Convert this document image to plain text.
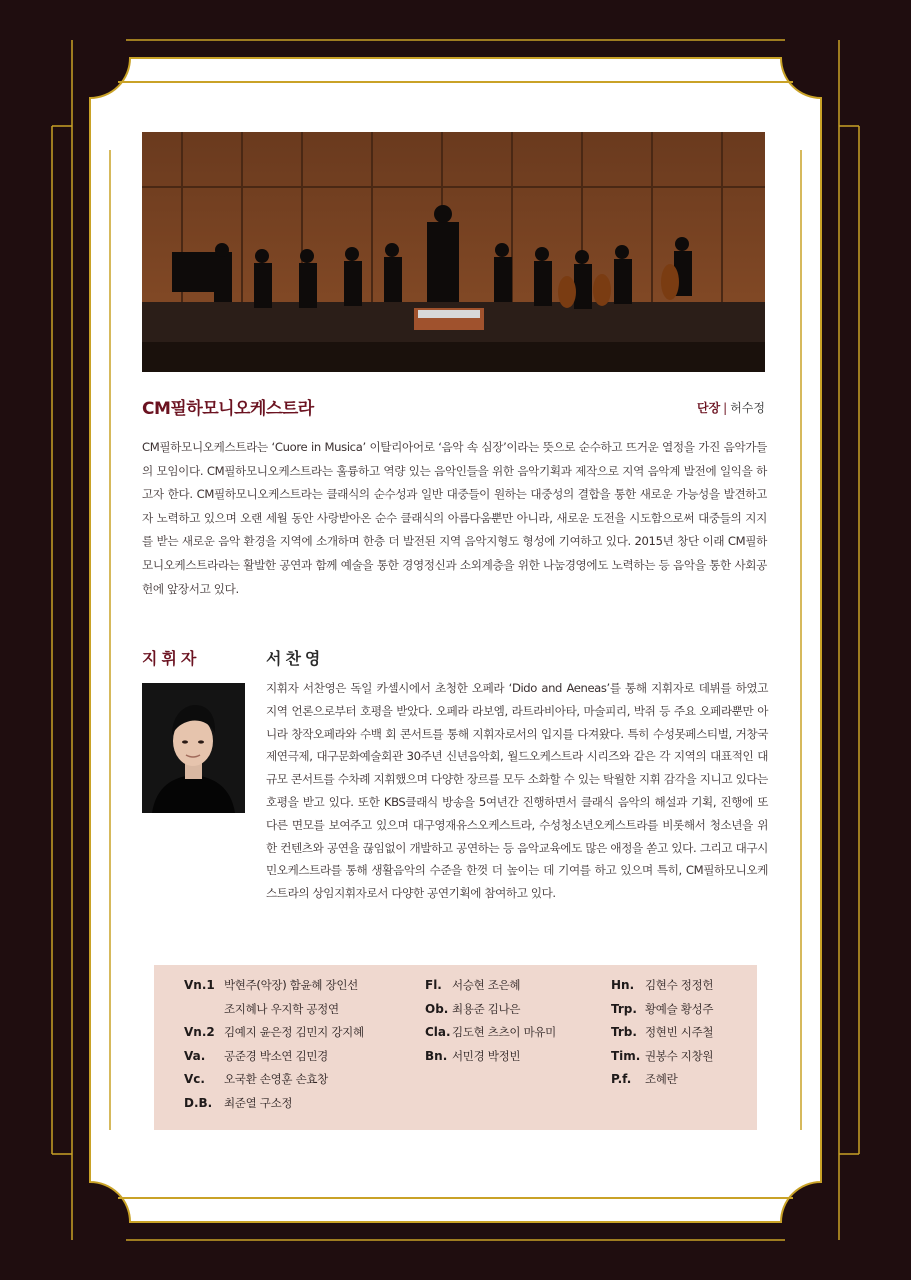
CM필하모니오케스트라	단장 | 허수정
CM필하모니오케스트라는 ‘Cuore in Musica’ 이탈리아어로 ‘음악 속 심장’이라는 뜻으로 순수하고 뜨거운 열정을 가진 음악가들의 모임이다. CM필하모니오케스트라는 훌륭하고 역량 있는 음악인들을 위한 음악기획과 제작으로 지역 음악계 발전에 일익을 하고자 한다. CM필하모니오케스트라는 클래식의 순수성과 일반 대중들이 원하는 대중성의 결합을 통한 새로운 가능성을 발견하고자 노력하고 있으며 오랜 세월 동안 사랑받아온 순수 클래식의 아름다움뿐만 아니라, 새로운 도전을 시도함으로써 대중들의 지지를 받는 새로운 음악 환경을 지역에 소개하며 한층 더 발전된 지역 음악지형도 형성에 기여하고 있다. 2015년 창단 이래 CM필하모니오케스트라라는 활발한 공연과 함께 예술을 통한 경영정신과 소외계층을 위한 나눔경영에도 노력하는 등 음악을 통한 사회공헌에 앞장서고 있다.
지휘자	서찬영
지휘자 서찬영은 독일 카셀시에서 초청한 오페라 ‘Dido and Aeneas’를 통해 지휘자로 데뷔를 하였고 지역 언론으로부터 호평을 받았다. 오페라 라보엠, 라트라비아타, 마술피리, 박쥐 등 주요 오페라뿐만 아니라 창작오페라와 수백 회 콘서트를 통해 지휘자로서의 입지를 다져왔다. 특히 수성못페스티벌, 거창국제연극제, 대구문화예술회관 30주년 신년음악회, 월드오케스트라 시리즈와 같은 각 지역의 대표적인 대규모 콘서트를 수차례 지휘했으며 다양한 장르를 모두 소화할 수 있는 탁월한 지휘 감각을 지니고 있다는 호평을 받고 있다. 또한 KBS클래식 방송을 5여년간 진행하면서 클래식 음악의 해설과 기획, 진행에 또 다른 면모를 보여주고 있으며 대구영재유스오케스트라, 수성청소년오케스트라를 비롯해서 청소년을 위한 컨텐츠와 공연을 끊임없이 개발하고 공연하는 등 음악교육에도 많은 애정을 쏟고 있다. 그리고 대구시민오케스트라를 통해 생활음악의 수준을 한껏 더 높이는 데 기여를 하고 있으며 특히, CM필하모니오케스트라의 상임지휘자로서 다양한 공연기획에 참여하고 있다.
Vn.1 박현주(악장) 함윤혜 장인선
조지혜나 우지학 공정연
Vn.2 김예지 윤은정 김민지 강지혜
Va. 공준경 박소연 김민경
Vc. 오국환 손영훈 손효창
D.B. 최준열 구소정
Fl. 서승현 조은혜
Ob. 최용준 김나은
Cla.김도현 츠츠이 마유미
Bn. 서민경 박정빈
Hn. 김현수 정정헌
Trp. 황예슬 황성주
Trb. 정현빈 시주철
Tim. 권봉수 지창원
P.f. 조혜란
